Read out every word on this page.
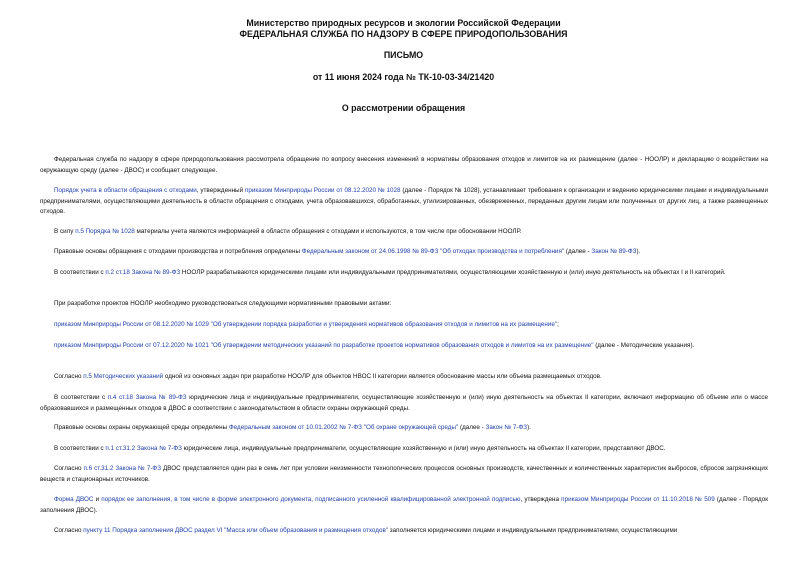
Министерство природных ресурсов и экологии Российской Федерации
ФЕДЕРАЛЬНАЯ СЛУЖБА ПО НАДЗОРУ В СФЕРЕ ПРИРОДОПОЛЬЗОВАНИЯ
ПИСЬМО
от 11 июня 2024 года № ТК-10-03-34/21420
О рассмотрении обращения

Федеральная служба по надзору в сфере природопользования рассмотрела обращение по вопросу внесения изменений в нормативы образования отходов и лимитов на их размещение (далее - НООЛР) и декларацию о воздействии на окружающую среду (далее - ДВОС) и сообщает следующее.

Порядок учета в области обращения с отходами, утвержденный приказом Минприроды России от 08.12.2020 № 1028 (далее - Порядок № 1028), устанавливает требования к организации и ведению юридическими лицами и индивидуальными предпринимателями, осуществляющими деятельность в области обращения с отходами, учета образовавшихся, обработанных, утилизированных, обезвреженных, переданных другим лицам или полученных от других лиц, а также размещенных отходов.

В силу п.5 Порядка № 1028 материалы учета являются информацией в области обращения с отходами и используются, в том числе при обосновании НООЛР.

Правовые основы обращения с отходами производства и потребления определены Федеральным законом от 24.06.1998 № 89-ФЗ "Об отходах производства и потребления" (далее - Закон № 89-ФЗ).

В соответствии с п.2 ст.18 Закона № 89-ФЗ НООЛР разрабатываются юридическими лицами или индивидуальными предпринимателями, осуществляющими хозяйственную и (или) иную деятельность на объектах I и II категорий.

При разработке проектов НООЛР необходимо руководствоваться следующими нормативными правовыми актами:

приказом Минприроды России от 08.12.2020 № 1029 "Об утверждении порядка разработки и утверждения нормативов образования отходов и лимитов на их размещение";

приказом Минприроды России от 07.12.2020 № 1021 "Об утверждении методических указаний по разработке проектов нормативов образования отходов и лимитов на их размещение" (далее - Методические указания).

Согласно п.5 Методических указаний одной из основных задач при разработке НООЛР для объектов НВОС II категории является обоснование массы или объема размещаемых отходов.

В соответствии с п.4 ст.18 Закона № 89-ФЗ юридические лица и индивидуальные предприниматели, осуществляющие хозяйственную и (или) иную деятельность на объектах II категории, включают информацию об объеме или о массе образовавшихся и размещенных отходов в ДВОС в соответствии с законодательством в области охраны окружающей среды.

Правовые основы охраны окружающей среды определены Федеральным законом от 10.01.2002 № 7-ФЗ "Об охране окружающей среды" (далее - Закон № 7-ФЗ).

В соответствии с п.1 ст.31.2 Закона № 7-ФЗ юридические лица, индивидуальные предприниматели, осуществляющие хозяйственную и (или) иную деятельность на объектах II категории, представляют ДВОС.

Согласно п.6 ст.31.2 Закона № 7-ФЗ ДВОС представляется один раз в семь лет при условии неизменности технологических процессов основных производств, качественных и количественных характеристик выбросов, сбросов загрязняющих веществ и стационарных источников.

Форма ДВОС и порядок ее заполнения, в том числе в форме электронного документа, подписанного усиленной квалифицированной электронной подписью, утверждена приказом Минприроды России от 11.10.2018 № 509 (далее - Порядок заполнения ДВОС).

Согласно пункту 11 Порядка заполнения ДВОС раздел VI "Масса или объем образования и размещения отходов" заполняется юридическими лицами и индивидуальными предпринимателями, осуществляющими
